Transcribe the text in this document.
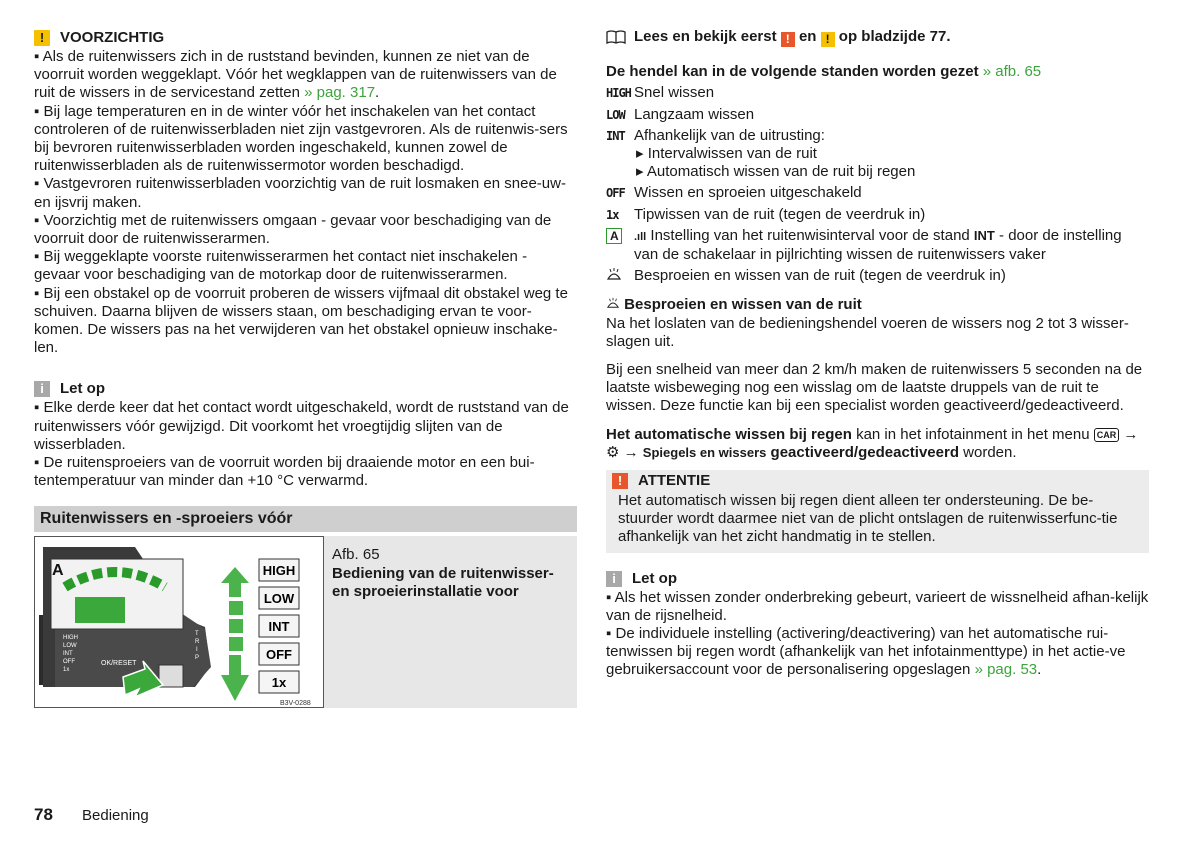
!	VOORZICHTIG

▪ Als de ruitenwissers zich in de ruststand bevinden, kunnen ze niet van de voorruit worden weggeklapt. Vóór het wegklappen van de ruitenwissers van de ruit de wissers in de servicestand zetten » pag. 317.

▪ Bij lage temperaturen en in de winter vóór het inschakelen van het contact controleren of de ruitenwisserbladen niet zijn vastgevroren. Als de ruitenwis-sers bij bevroren ruitenwisserbladen worden ingeschakeld, kunnen zowel de ruitenwisserbladen als de ruitenwissermotor worden beschadigd.

▪ Vastgevroren ruitenwisserbladen voorzichtig van de ruit losmaken en snee-uw- en ijsvrij maken.

▪ Voorzichtig met de ruitenwissers omgaan - gevaar voor beschadiging van de voorruit door de ruitenwisserarmen.

▪ Bij weggeklapte voorste ruitenwisserarmen het contact niet inschakelen - gevaar voor beschadiging van de motorkap door de ruitenwisserarmen.

▪ Bij een obstakel op de voorruit proberen de wissers vijfmaal dit obstakel weg te schuiven. Daarna blijven de wissers staan, om beschadiging ervan te voor-komen. De wissers pas na het verwijderen van het obstakel opnieuw inschake-len.

i	Let op

▪ Elke derde keer dat het contact wordt uitgeschakeld, wordt de ruststand van de ruitenwissers vóór gewijzigd. Dit voorkomt het vroegtijdig slijten van de wisserbladen.

▪ De ruitensproeiers van de voorruit worden bij draaiende motor en een bui-tentemperatuur van minder dan +10 °C verwarmd.

Ruitenwissers en -sproeiers vóór
A
HIGH
LOW
INT
OFF
1x
OK/RESET
T
R
I
P
HIGH
LOW
INT
OFF
1x
B3V-0288

Afb. 65

Bediening van de ruitenwisser- en sproeierinstallatie voor

Lees en bekijk eerst ! en ! op bladzijde 77.

De hendel kan in de volgende standen worden gezet » afb. 65

HIGH Snel wissen
LOW Langzaam wissen
INT Afhankelijk van de uitrusting:

▸ Intervalwissen van de ruit

▸ Automatisch wissen van de ruit bij regen

OFF Wissen en sproeien uitgeschakeld
1x	Tipwissen van de ruit (tegen de veerdruk in)
A	.ıll Instelling van het ruitenwisinterval voor de stand INT - door de instelling van de schakelaar in pijlrichting wissen de ruitenwissers vaker
Besproeien en wissen van de ruit (tegen de veerdruk in)

Besproeien en wissen van de ruit

Na het loslaten van de bedieningshendel voeren de wissers nog 2 tot 3 wisser-slagen uit.

Bij een snelheid van meer dan 2 km/h maken de ruitenwissers 5 seconden na de laatste wisbeweging nog een wisslag om de laatste druppels van de ruit te wissen. Deze functie kan bij een specialist worden geactiveerd/gedeactiveerd.

Het automatische wissen bij regen kan in het infotainment in het menu CAR →
⚙ → Spiegels en wissers geactiveerd/gedeactiveerd worden.

!	ATTENTIE

Het automatisch wissen bij regen dient alleen ter ondersteuning. De be-stuurder wordt daarmee niet van de plicht ontslagen de ruitenwisserfunc-tie afhankelijk van het zicht handmatig in te stellen.

i	Let op

▪ Als het wissen zonder onderbreking gebeurt, varieert de wissnelheid afhan-kelijk van de rijsnelheid.

▪ De individuele instelling (activering/deactivering) van het automatische rui-tenwissen bij regen wordt (afhankelijk van het infotainmenttype) in het actie-ve gebruikersaccount voor de personalisering opgeslagen » pag. 53.

78 Bediening
